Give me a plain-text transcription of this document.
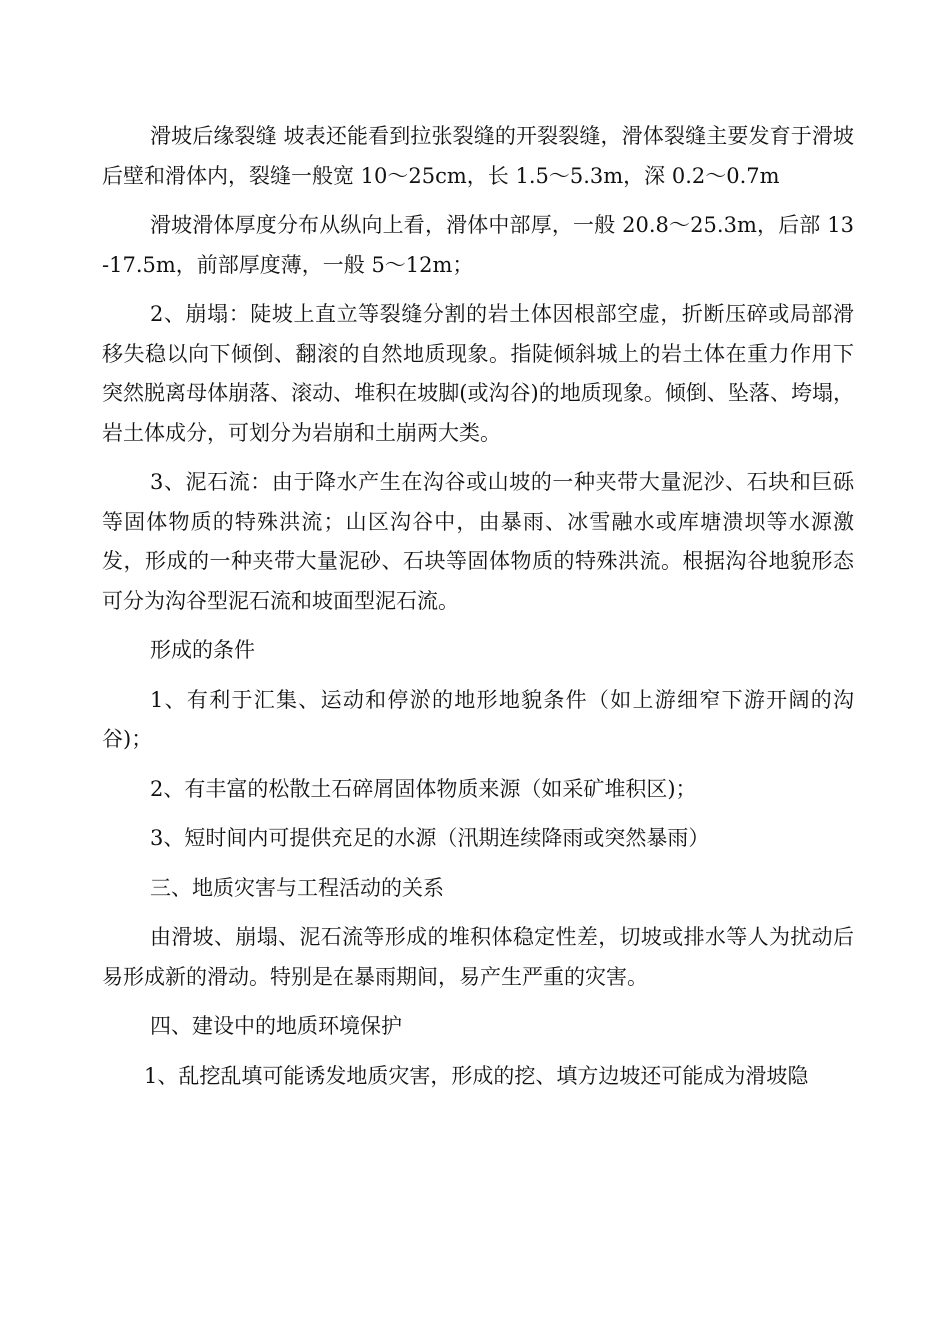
滑坡后缘裂缝 坡表还能看到拉张裂缝的开裂裂缝，滑体裂缝主要发育于滑坡后壁和滑体内，裂缝一般宽 10～25cm，长 1.5～5.3m，深 0.2～0.7m

滑坡滑体厚度分布从纵向上看，滑体中部厚，一般 20.8～25.3m，后部 13-17.5m，前部厚度薄，一般 5～12m；

2、崩塌：陡坡上直立等裂缝分割的岩土体因根部空虚，折断压碎或局部滑移失稳以向下倾倒、翻滚的自然地质现象。指陡倾斜城上的岩土体在重力作用下突然脱离母体崩落、滚动、堆积在坡脚(或沟谷)的地质现象。倾倒、坠落、垮塌，岩土体成分，可划分为岩崩和土崩两大类。

3、泥石流：由于降水产生在沟谷或山坡的一种夹带大量泥沙、石块和巨砾等固体物质的特殊洪流；山区沟谷中，由暴雨、冰雪融水或库塘溃坝等水源激发，形成的一种夹带大量泥砂、石块等固体物质的特殊洪流。根据沟谷地貌形态可分为沟谷型泥石流和坡面型泥石流。

形成的条件

1、有利于汇集、运动和停淤的地形地貌条件（如上游细窄下游开阔的沟谷)；

2、有丰富的松散土石碎屑固体物质来源（如采矿堆积区)；

3、短时间内可提供充足的水源（汛期连续降雨或突然暴雨）

三、地质灾害与工程活动的关系

由滑坡、崩塌、泥石流等形成的堆积体稳定性差，切坡或排水等人为扰动后易形成新的滑动。特别是在暴雨期间，易产生严重的灾害。

四、建设中的地质环境保护

1、乱挖乱填可能诱发地质灾害，形成的挖、填方边坡还可能成为滑坡隐
